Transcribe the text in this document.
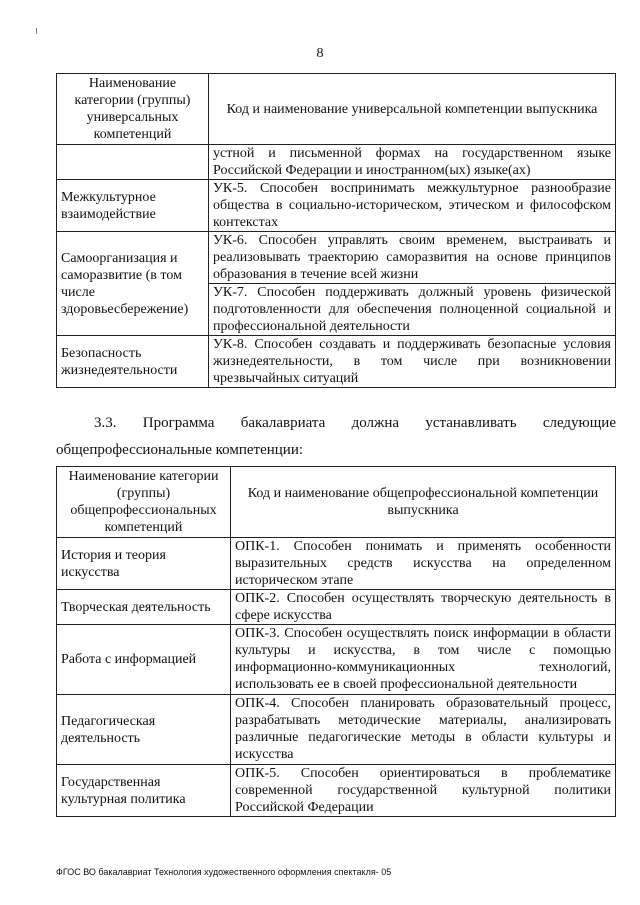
8
Наименование категории (группы) универсальных компетенций	Код и наименование универсальной компетенции выпускника
	устной и письменной формах на государственном языке Российской Федерации и иностранном(ых) языке(ах)
Межкультурное взаимодействие	УК-5. Способен воспринимать межкультурное разнообразие общества в социально-историческом, этическом и философском контекстах
Самоорганизация и саморазвитие (в том числе здоровьесбережение)	УК-6. Способен управлять своим временем, выстраивать и реализовывать траекторию саморазвития на основе принципов образования в течение всей жизни
	УК-7. Способен поддерживать должный уровень физической подготовленности для обеспечения полноценной социальной и профессиональной деятельности
Безопасность жизнедеятельности	УК-8. Способен создавать и поддерживать безопасные условия жизнедеятельности, в том числе при возникновении чрезвычайных ситуаций
3.3. Программа бакалавриата должна устанавливать следующие
общепрофессиональные компетенции:
Наименование категории (группы) общепрофессиональных компетенций	Код и наименование общепрофессиональной компетенции выпускника
История и теория искусства	ОПК-1. Способен понимать и применять особенности выразительных средств искусства на определенном историческом этапе
Творческая деятельность	ОПК-2. Способен осуществлять творческую деятельность в сфере искусства
Работа с информацией	ОПК-3. Способен осуществлять поиск информации в области культуры и искусства, в том числе с помощью информационно-коммуникационных технологий, использовать ее в своей профессиональной деятельности
Педагогическая деятельность	ОПК-4. Способен планировать образовательный процесс, разрабатывать методические материалы, анализировать различные педагогические методы в области культуры и искусства
Государственная культурная политика	ОПК-5. Способен ориентироваться в проблематике современной государственной культурной политики Российской Федерации
ФГОС ВО бакалавриат Технология художественного оформления спектакля- 05
